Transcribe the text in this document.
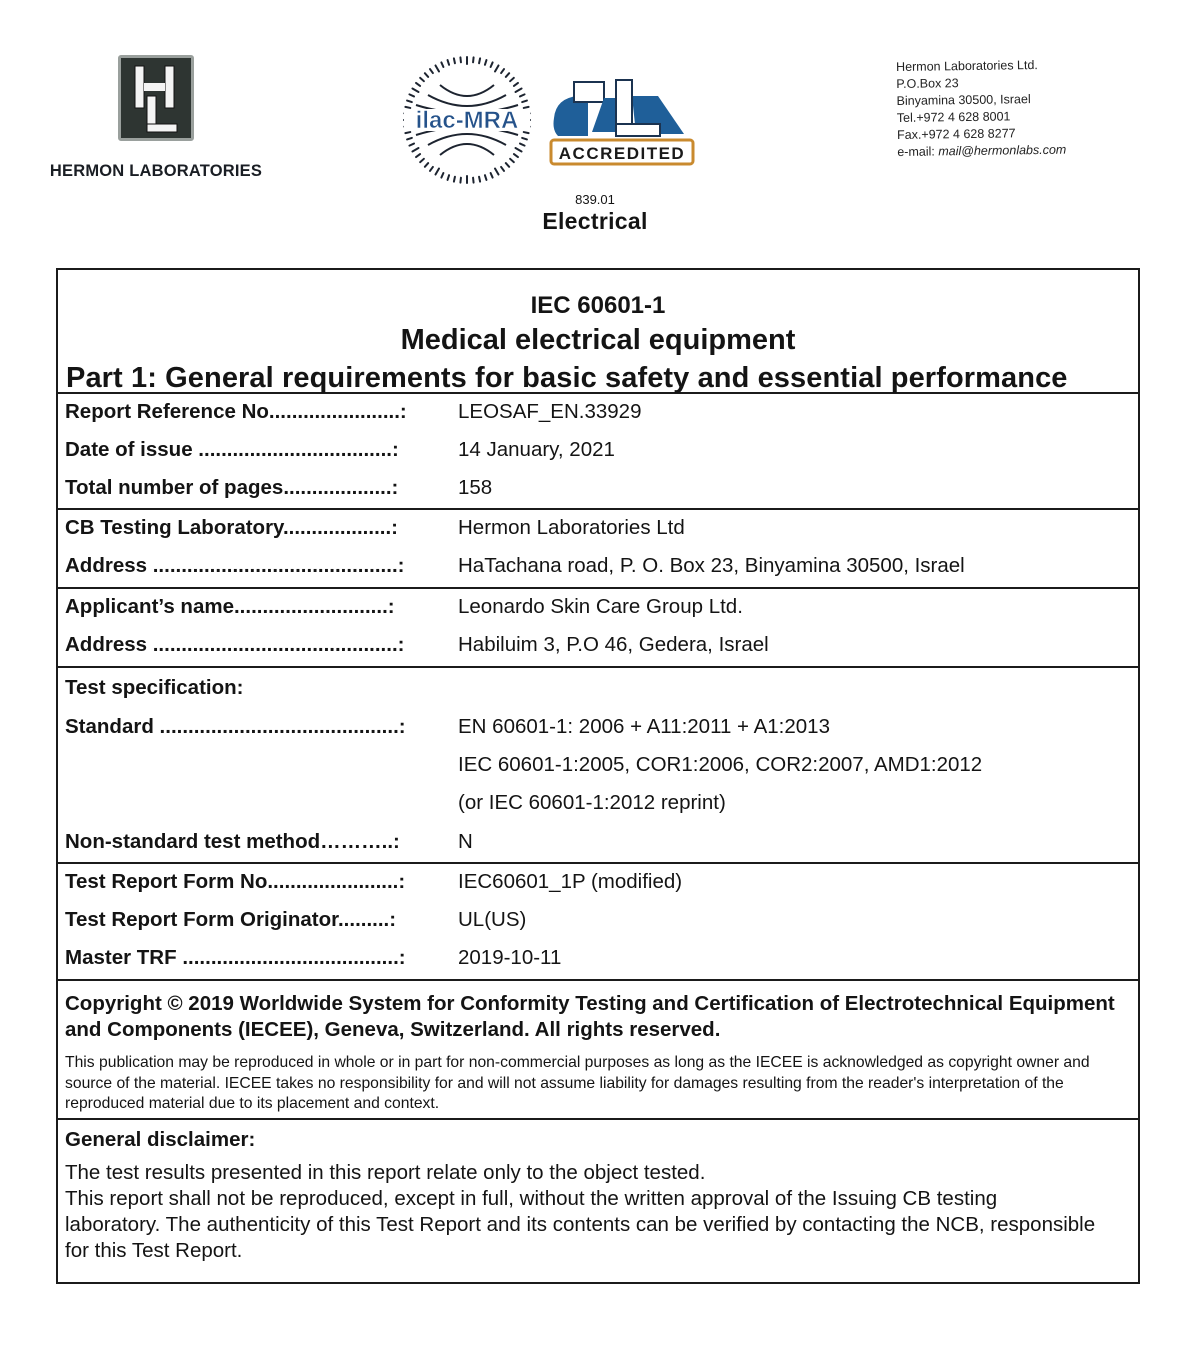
HERMON LABORATORIES
ilac-MRA
ACCREDITED
839.01
Electrical
Hermon Laboratories Ltd.
P.O.Box 23
Binyamina 30500, Israel
Tel.+972 4 628 8001
Fax.+972 4 628 8277
e-mail: mail@hermonlabs.com
IEC 60601-1
Medical electrical equipment
Part 1: General requirements for basic safety and essential performance
Report Reference No.......................:	LEOSAF_EN.33929
Date of issue ..................................:	14 January, 2021
Total number of pages...................:	158
CB Testing Laboratory...................:	Hermon Laboratories Ltd
Address ...........................................:	HaTachana road, P. O. Box 23, Binyamina 30500, Israel
Applicant’s name...........................:	Leonardo Skin Care Group Ltd.
Address ...........................................:	Habiluim 3, P.O 46, Gedera, Israel
Test specification:
Standard ..........................................:	EN 60601-1: 2006 + A11:2011 + A1:2013
IEC 60601-1:2005, COR1:2006, COR2:2007, AMD1:2012
(or IEC 60601-1:2012 reprint)
Non-standard test method………..:	N
Test Report Form No.......................:	IEC60601_1P (modified)
Test Report Form Originator.........:	UL(US)
Master TRF ......................................:	2019-10-11
Copyright © 2019 Worldwide System for Conformity Testing and Certification of Electrotechnical Equipment and Components (IECEE), Geneva, Switzerland. All rights reserved.
This publication may be reproduced in whole or in part for non-commercial purposes as long as the IECEE is acknowledged as copyright owner and source of the material. IECEE takes no responsibility for and will not assume liability for damages resulting from the reader's interpretation of the reproduced material due to its placement and context.
General disclaimer:
The test results presented in this report relate only to the object tested.
This report shall not be reproduced, except in full, without the written approval of the Issuing CB testing laboratory. The authenticity of this Test Report and its contents can be verified by contacting the NCB, responsible for this Test Report.
